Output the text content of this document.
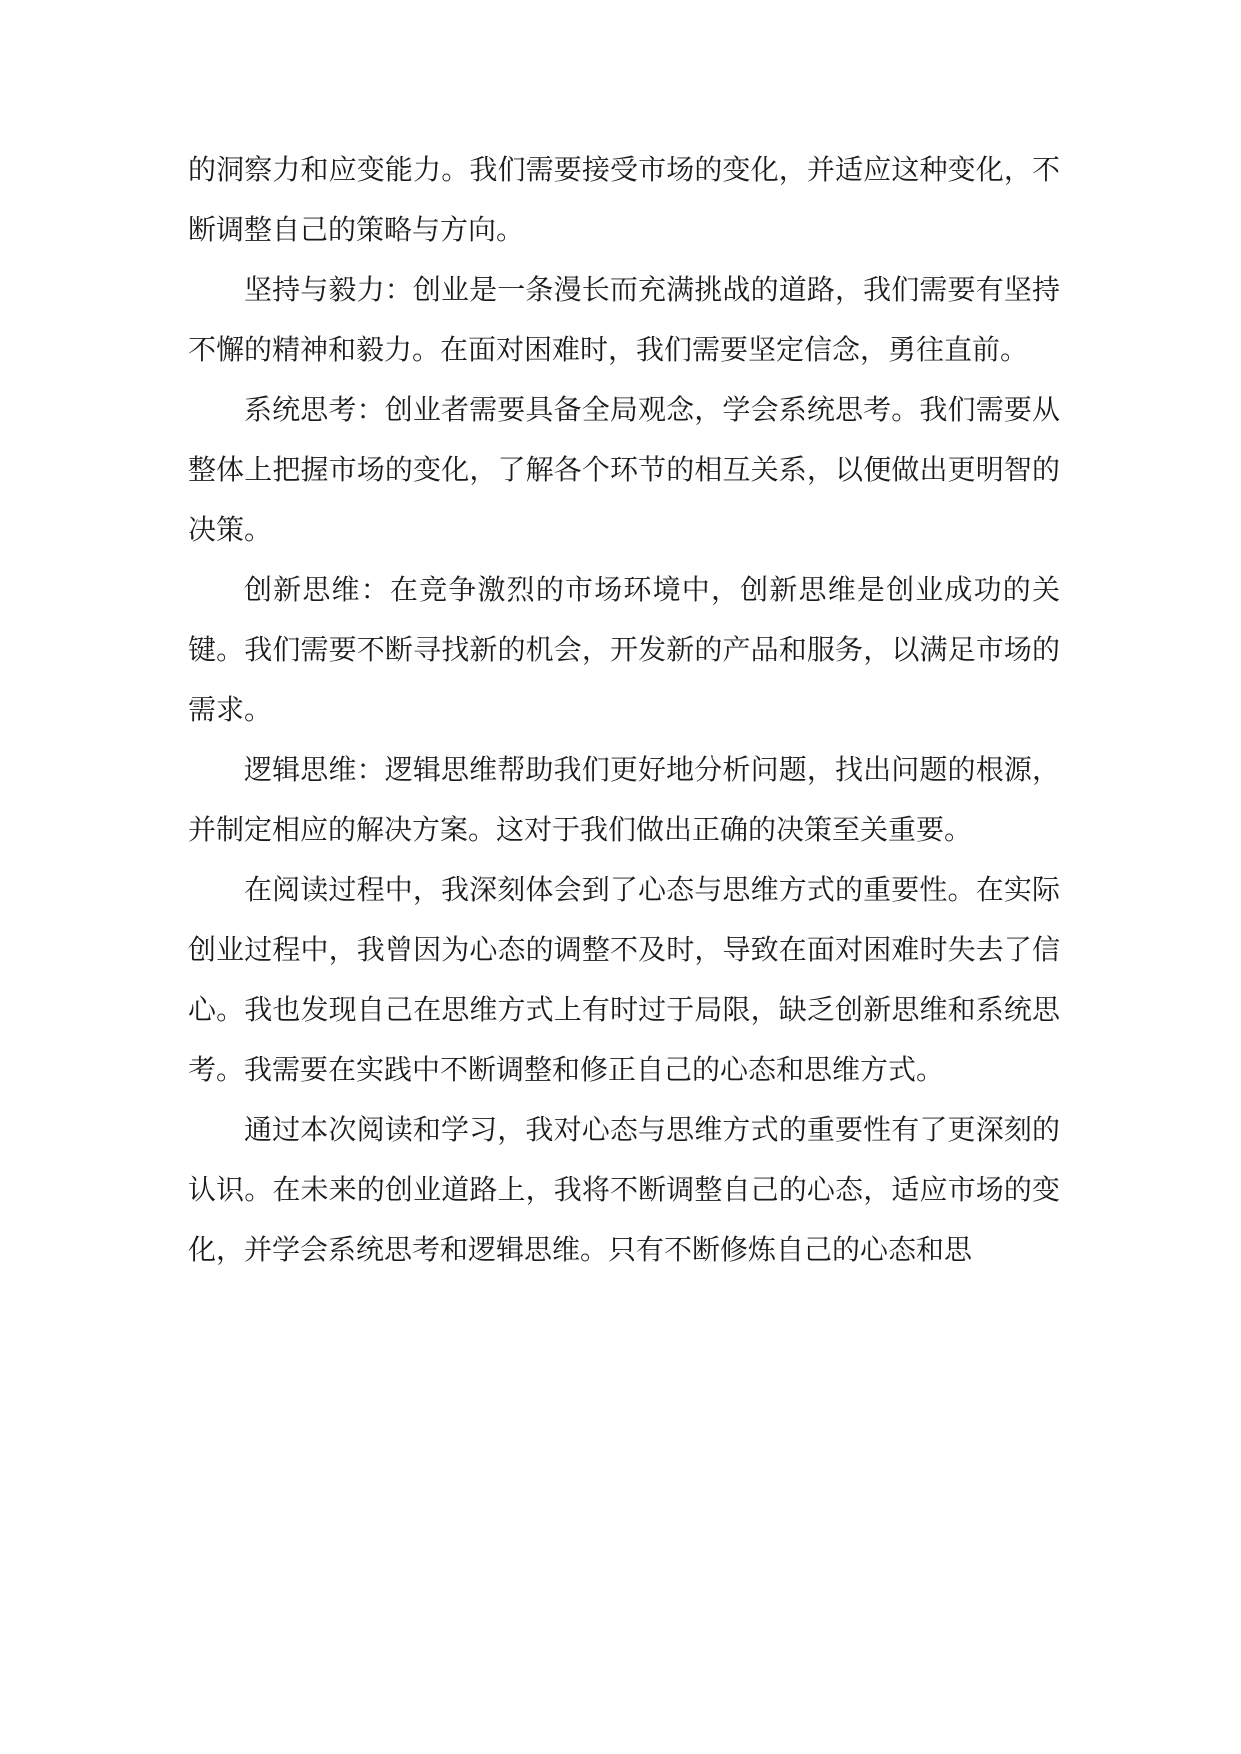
的洞察力和应变能力。我们需要接受市场的变化，并适应这种变化，不断调整自己的策略与方向。

坚持与毅力：创业是一条漫长而充满挑战的道路，我们需要有坚持不懈的精神和毅力。在面对困难时，我们需要坚定信念，勇往直前。

系统思考：创业者需要具备全局观念，学会系统思考。我们需要从整体上把握市场的变化，了解各个环节的相互关系，以便做出更明智的决策。

创新思维：在竞争激烈的市场环境中，创新思维是创业成功的关键。我们需要不断寻找新的机会，开发新的产品和服务，以满足市场的需求。

逻辑思维：逻辑思维帮助我们更好地分析问题，找出问题的根源，并制定相应的解决方案。这对于我们做出正确的决策至关重要。

在阅读过程中，我深刻体会到了心态与思维方式的重要性。在实际创业过程中，我曾因为心态的调整不及时，导致在面对困难时失去了信心。我也发现自己在思维方式上有时过于局限，缺乏创新思维和系统思考。我需要在实践中不断调整和修正自己的心态和思维方式。

通过本次阅读和学习，我对心态与思维方式的重要性有了更深刻的认识。在未来的创业道路上，我将不断调整自己的心态，适应市场的变化，并学会系统思考和逻辑思维。只有不断修炼自己的心态和思
